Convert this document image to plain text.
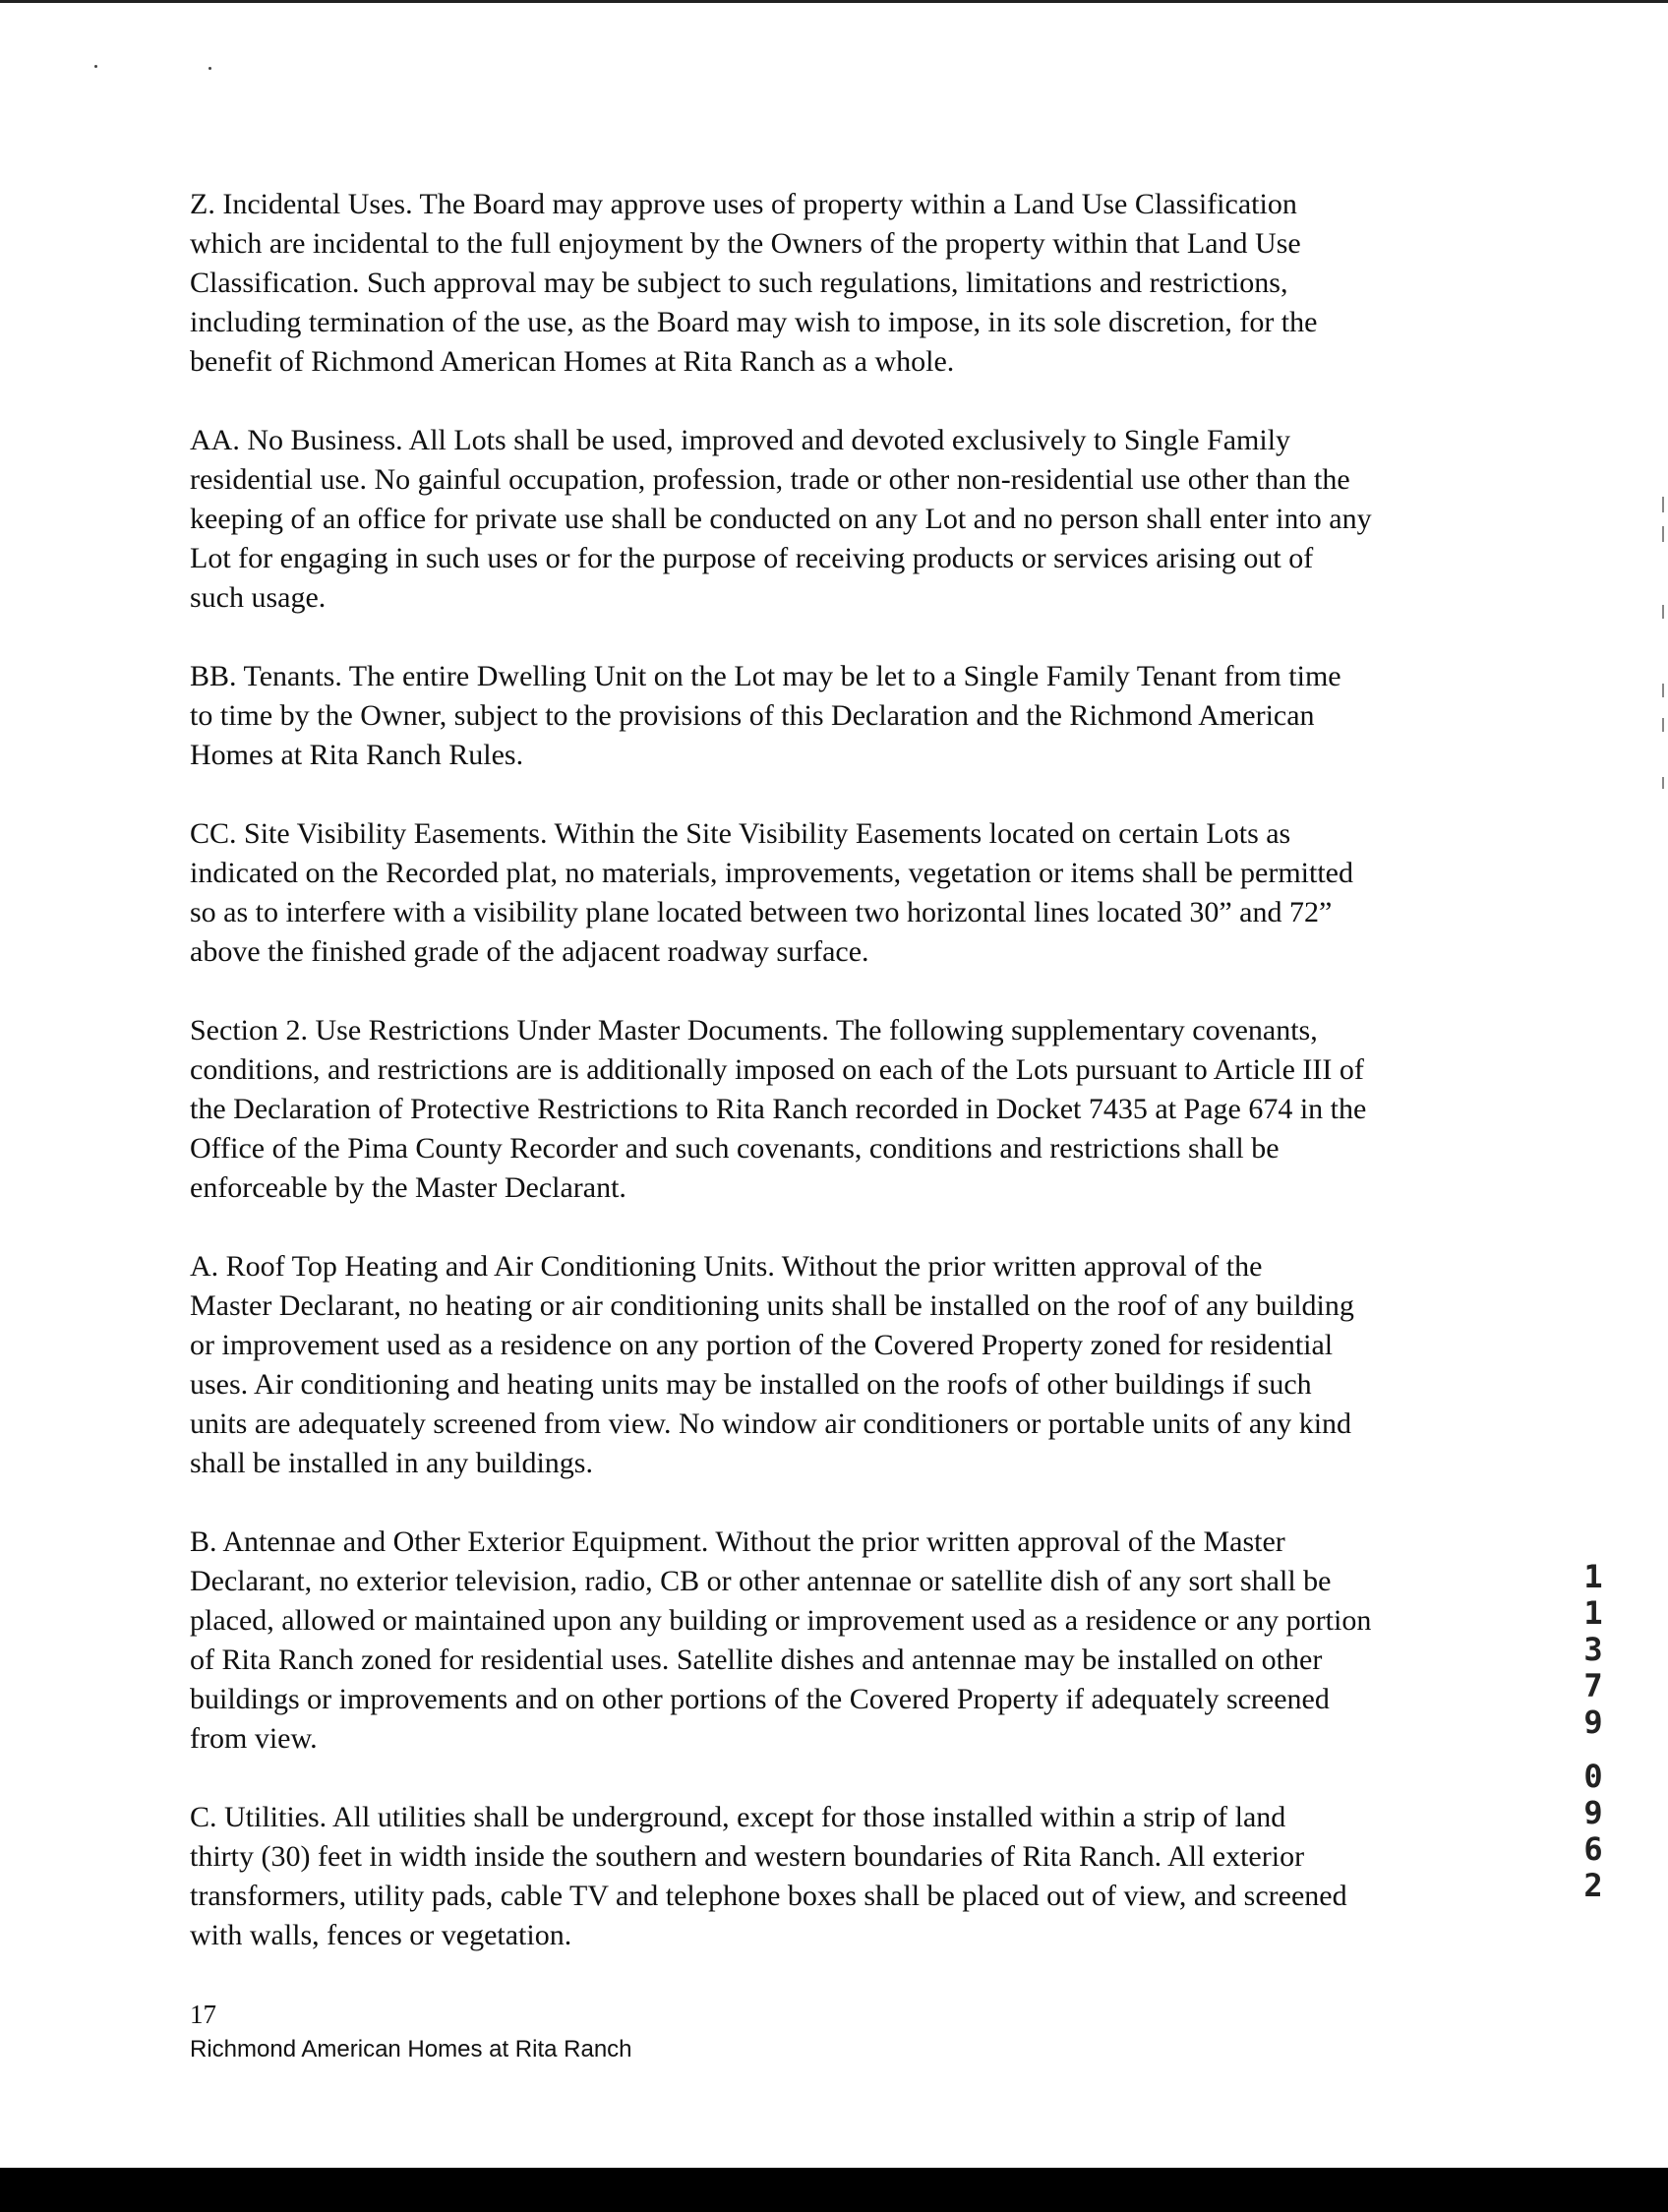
Z. Incidental Uses. The Board may approve uses of property within a Land Use Classification
which are incidental to the full enjoyment by the Owners of the property within that Land Use
Classification. Such approval may be subject to such regulations, limitations and restrictions,
including termination of the use, as the Board may wish to impose, in its sole discretion, for the
benefit of Richmond American Homes at Rita Ranch as a whole.

AA. No Business. All Lots shall be used, improved and devoted exclusively to Single Family
residential use. No gainful occupation, profession, trade or other non-residential use other than the
keeping of an office for private use shall be conducted on any Lot and no person shall enter into any
Lot for engaging in such uses or for the purpose of receiving products or services arising out of
such usage.

BB. Tenants. The entire Dwelling Unit on the Lot may be let to a Single Family Tenant from time
to time by the Owner, subject to the provisions of this Declaration and the Richmond American
Homes at Rita Ranch Rules.

CC. Site Visibility Easements. Within the Site Visibility Easements located on certain Lots as
indicated on the Recorded plat, no materials, improvements, vegetation or items shall be permitted
so as to interfere with a visibility plane located between two horizontal lines located 30” and 72”
above the finished grade of the adjacent roadway surface.

Section 2. Use Restrictions Under Master Documents. The following supplementary covenants,
conditions, and restrictions are is additionally imposed on each of the Lots pursuant to Article III of
the Declaration of Protective Restrictions to Rita Ranch recorded in Docket 7435 at Page 674 in the
Office of the Pima County Recorder and such covenants, conditions and restrictions shall be
enforceable by the Master Declarant.

A. Roof Top Heating and Air Conditioning Units. Without the prior written approval of the
Master Declarant, no heating or air conditioning units shall be installed on the roof of any building
or improvement used as a residence on any portion of the Covered Property zoned for residential
uses. Air conditioning and heating units may be installed on the roofs of other buildings if such
units are adequately screened from view. No window air conditioners or portable units of any kind
shall be installed in any buildings.

B. Antennae and Other Exterior Equipment. Without the prior written approval of the Master
Declarant, no exterior television, radio, CB or other antennae or satellite dish of any sort shall be
placed, allowed or maintained upon any building or improvement used as a residence or any portion
of Rita Ranch zoned for residential uses. Satellite dishes and antennae may be installed on other
buildings or improvements and on other portions of the Covered Property if adequately screened
from view.

C. Utilities. All utilities shall be underground, except for those installed within a strip of land
thirty (30) feet in width inside the southern and western boundaries of Rita Ranch. All exterior
transformers, utility pads, cable TV and telephone boxes shall be placed out of view, and screened
with walls, fences or vegetation.

17
Richmond American Homes at Rita Ranch
1
1
3
7
9
0
9
6
2
